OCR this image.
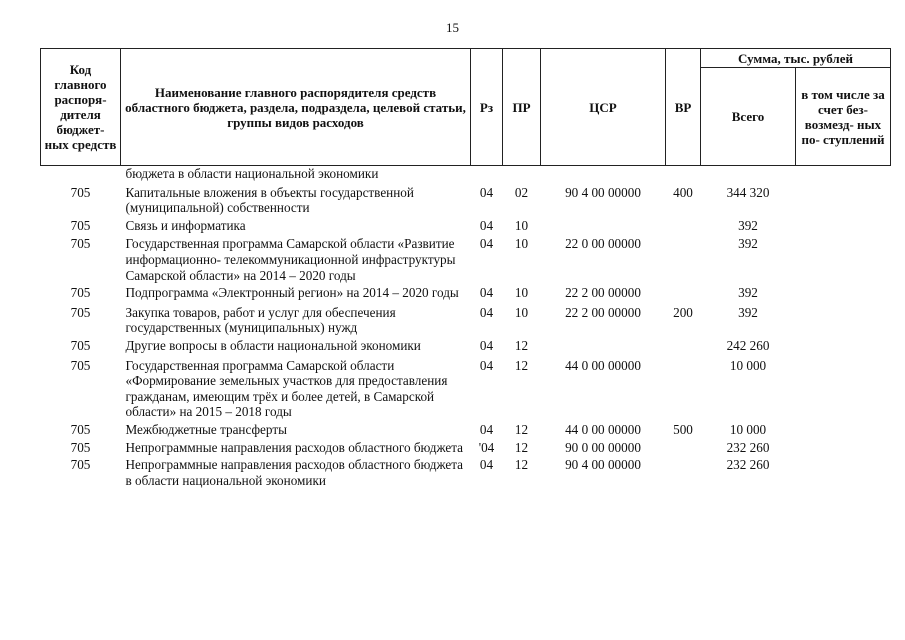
15
Код главного распоря- дителя бюджет- ных средств	Наименование главного распорядителя средств областного бюджета, раздела, подраздела, целевой статьи, группы видов расходов	Рз	ПР	ЦСР	ВР	Сумма, тыс. рублей	
						Всего	в том числе за счет без- возмезд- ных по- ступлений
	бюджета в области национальной экономики						
705	Капитальные вложения в объекты государственной (муниципальной) собственности	04	02	90 4 00 00000	400	344 320	
705	Связь и информатика	04	10			392	
705	Государственная программа Самарской области «Развитие информационно- телекоммуникационной инфраструктуры Самарской области» на 2014 – 2020 годы	04	10	22 0 00 00000		392	
705	Подпрограмма «Электронный регион» на 2014 – 2020 годы	04	10	22 2 00 00000		392	
705	Закупка товаров, работ и услуг для обеспечения государственных (муниципальных) нужд	04	10	22 2 00 00000	200	392	
705	Другие вопросы в области национальной экономики	04	12			242 260	
705	Государственная программа Самарской области «Формирование земельных участков для предоставления гражданам, имеющим трёх и более детей, в Самарской области» на 2015 – 2018 годы	04	12	44 0 00 00000		10 000	
705	Межбюджетные трансферты	04	12	44 0 00 00000	500	10 000	
705	Непрограммные направления расходов областного бюджета	'04	12	90 0 00 00000		232 260	
705	Непрограммные направления расходов областного бюджета в области национальной экономики	04	12	90 4 00 00000		232 260	
